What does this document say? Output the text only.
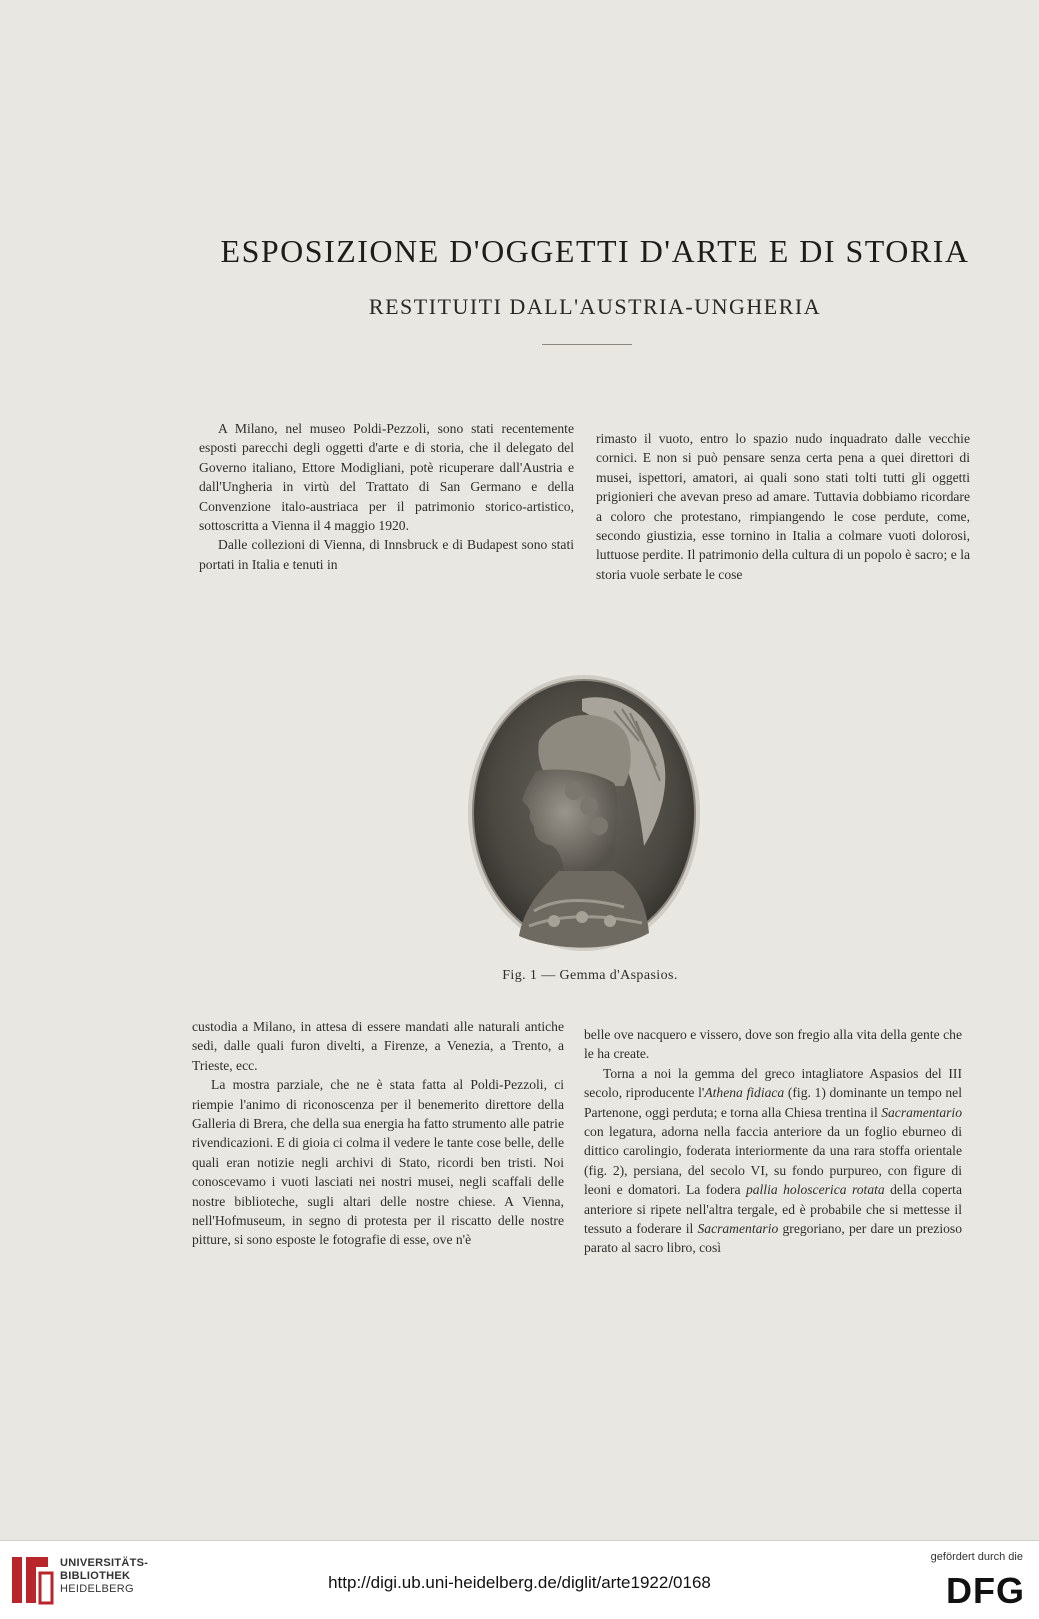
ESPOSIZIONE D'OGGETTI D'ARTE E DI STORIA
RESTITUITI DALL'AUSTRIA-UNGHERIA

A Milano, nel museo Poldi-Pezzoli, sono stati recentemente esposti parecchi degli oggetti d'arte e di storia, che il delegato del Governo italiano, Ettore Modigliani, potè ricuperare dall'Austria e dall'Ungheria in virtù del Trattato di San Germano e della Convenzione italo-austriaca per il patrimonio storico-artistico, sottoscritta a Vienna il 4 maggio 1920.

Dalle collezioni di Vienna, di Innsbruck e di Budapest sono stati portati in Italia e tenuti in

rimasto il vuoto, entro lo spazio nudo inquadrato dalle vecchie cornici. E non si può pensare senza certa pena a quei direttori di musei, ispettori, amatori, ai quali sono stati tolti tutti gli oggetti prigionieri che avevan preso ad amare. Tuttavia dobbiamo ricordare a coloro che protestano, rimpiangendo le cose perdute, come, secondo giustizia, esse tornino in Italia a colmare vuoti dolorosi, luttuose perdite. Il patrimonio della cultura di un popolo è sacro; e la storia vuole serbate le cose

Fig. 1 — Gemma d'Aspasios.

custodia a Milano, in attesa di essere mandati alle naturali antiche sedi, dalle quali furon divelti, a Firenze, a Venezia, a Trento, a Trieste, ecc.

La mostra parziale, che ne è stata fatta al Poldi-Pezzoli, ci riempie l'animo di riconoscenza per il benemerito direttore della Galleria di Brera, che della sua energia ha fatto strumento alle patrie rivendicazioni. E di gioia ci colma il vedere le tante cose belle, delle quali eran notizie negli archivi di Stato, ricordi ben tristi. Noi conoscevamo i vuoti lasciati nei nostri musei, negli scaffali delle nostre biblioteche, sugli altari delle nostre chiese. A Vienna, nell'Hofmuseum, in segno di protesta per il riscatto delle nostre pitture, si sono esposte le fotografie di esse, ove n'è

belle ove nacquero e vissero, dove son fregio alla vita della gente che le ha create.

Torna a noi la gemma del greco intagliatore Aspasios del III secolo, riproducente l'Athena fidiaca (fig. 1) dominante un tempo nel Partenone, oggi perduta; e torna alla Chiesa trentina il Sacramentario con legatura, adorna nella faccia anteriore da un foglio eburneo di dittico carolingio, foderata interiormente da una rara stoffa orientale (fig. 2), persiana, del secolo VI, su fondo purpureo, con figure di leoni e domatori. La fodera pallia holoscerica rotata della coperta anteriore si ripete nell'altra tergale, ed è probabile che si mettesse il tessuto a foderare il Sacramentario gregoriano, per dare un prezioso parato al sacro libro, così

UNIVERSITÄTS-
BIBLIOTHEK
HEIDELBERG	http://digi.ub.uni-heidelberg.de/diglit/arte1922/0168
gefördert durch die
DFG
